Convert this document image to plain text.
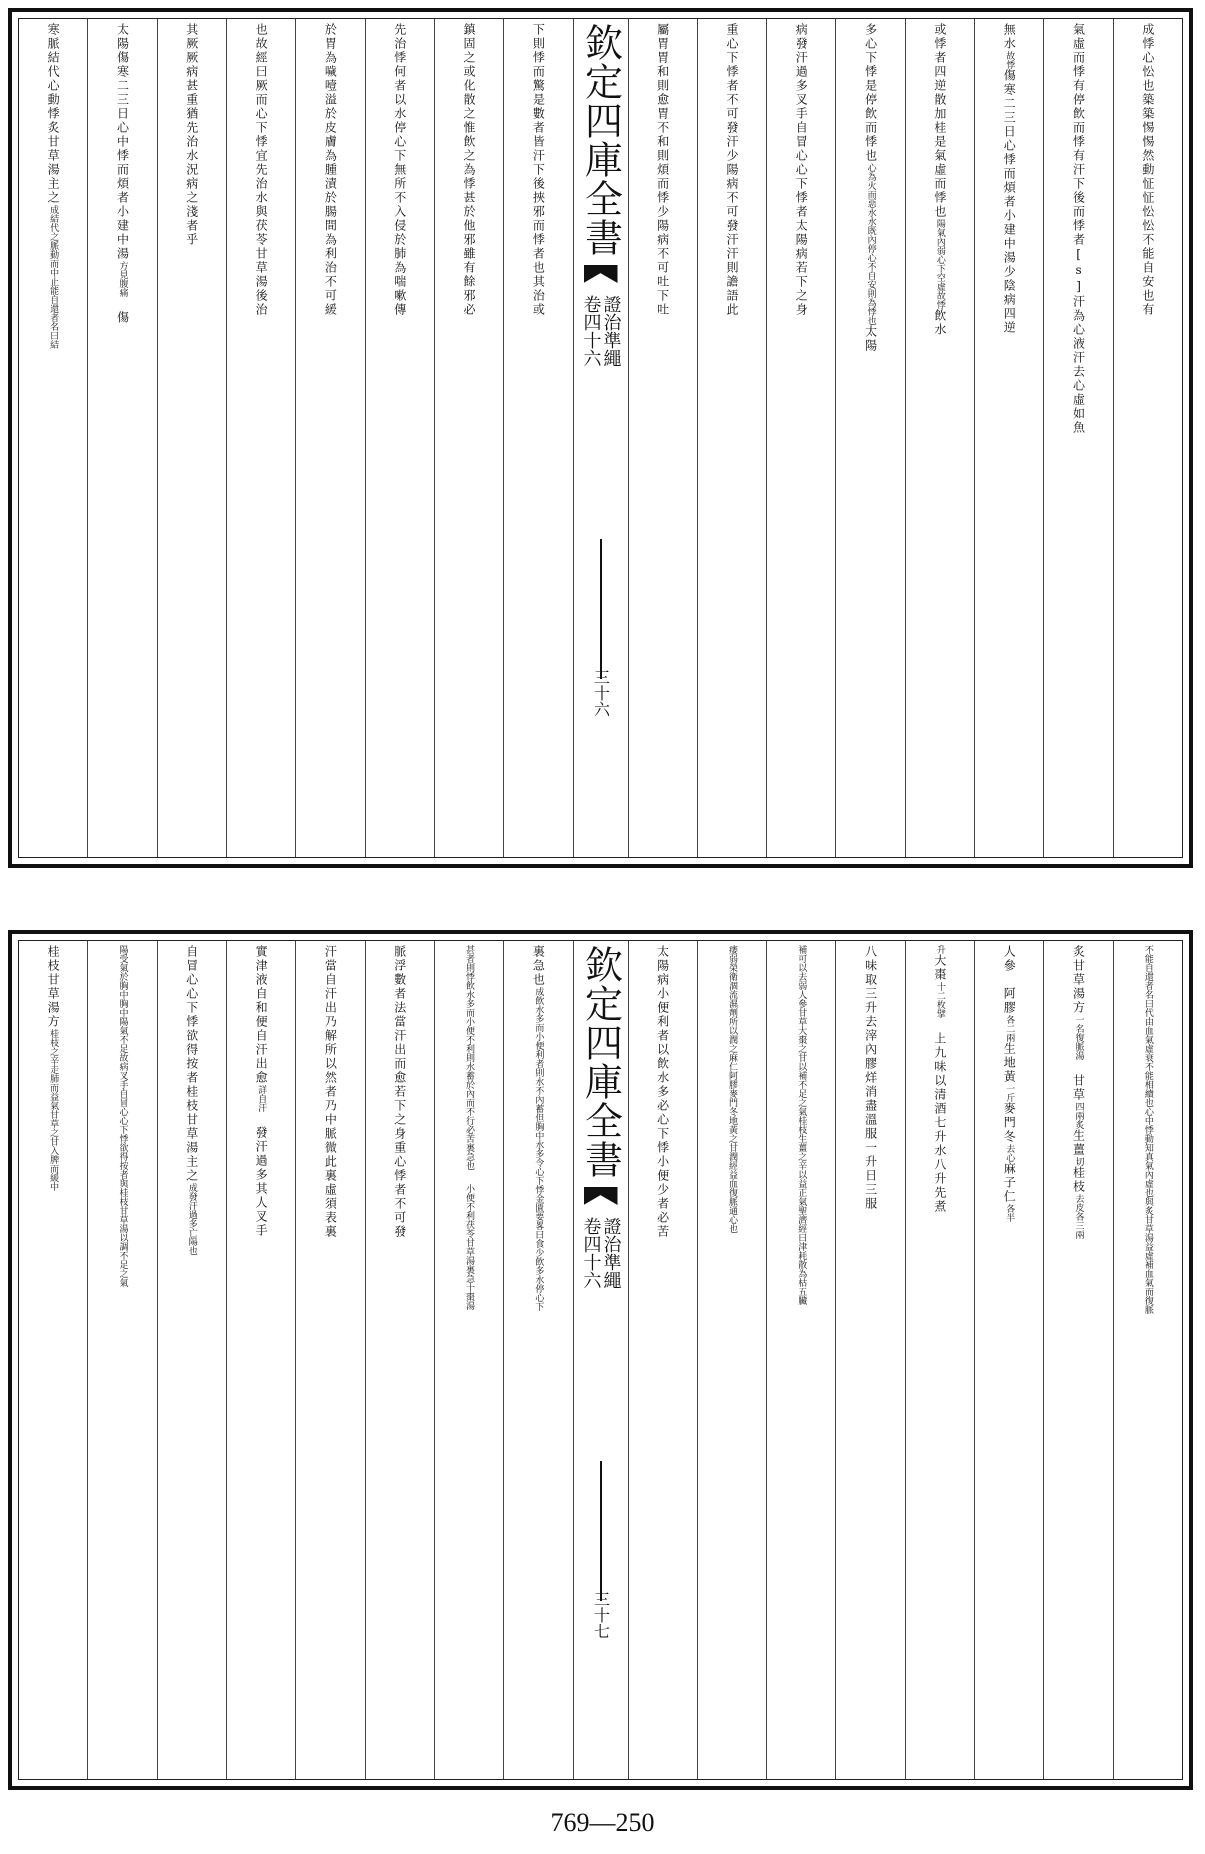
成悸心忪也築築惕惕然動怔怔忪忪不能自安也有
氣虛而悸有停飲而悸有汗下後而悸者[s]汗為心液汗去心虛如魚
無水故悸傷寒二三日心悸而煩者小建中湯少陰病四逆
或悸者四逆散加桂是氣虛而悸也陽氣內弱心下空虛故悸飲水
多心下悸是停飲而悸也心為火而惡水水既內停心不自安則為悸也太陽
病發汗過多叉手自冒心心下悸者太陽病若下之身
重心下悸者不可發汗少陽病不可發汗汗則譫語此
屬胃胃和則愈胃不和則煩而悸少陽病不可吐下吐
欽定四庫全書
證治準繩
卷四十六
三十六
下則悸而驚是數者皆汗下後挾邪而悸者也其治或
鎮固之或化散之惟飲之為悸甚於他邪雖有餘邪必
先治悸何者以水停心下無所不入侵於肺為喘嗽傳
於胃為噦噎溢於皮膚為腫漬於腸間為利治不可緩
也故經曰厥而心下悸宜先治水與茯苓甘草湯後治
其厥厥病甚重猶先治水況病之淺者乎
太陽傷寒二三日心中悸而煩者小建中湯方見腹痛　傷
寒脈結代心動悸炙甘草湯主之成結代之脈動而中止能自還者名曰結
不能自還者名曰代由血氣虛衰不能相續也心中悸動知真氣內虛也與炙甘草湯益虛補血氣而復脈
炙甘草湯方一名復脈湯　甘草四兩炙生薑切桂枝去皮各三兩
人參　阿膠各二兩生地黃一斤麥門冬去心麻子仁各半
升大棗十二枚擘　上九味以清酒七升水八升先煮
八味取三升去滓內膠烊消盡溫服一升日三服
補可以去弱人參甘草大棗之甘以補不足之氣桂枝生薑之辛以益正氣聖濟經曰津耗散為枯五臟
痿弱榮衛涸流濕劑所以潤之麻仁阿膠麥門冬地黃之甘潤經益血復脈通心也
太陽病小便利者以飲水多必心下悸小便少者必苦
欽定四庫全書
證治準繩
卷四十六
三十七
裏急也成飲水多而小便利者則水不內蓄但胸中水多令心下悸金匱要畧曰食少飲多水停心下
甚者則悸飲水多而小便不利則水蓄於內而不行必苦裏急也　小便不利茯苓甘草湯裏急十棗湯
脈浮數者法當汗出而愈若下之身重心悸者不可發
汗當自汗出乃解所以然者乃中脈微此裏虛須表裏
實津液自和便自汗出愈詳自汗　發汗過多其人叉手
自冒心心下悸欲得按者桂枝甘草湯主之成發汗過多亡陽也
陽受氣於胸中胸中陽氣不足故病叉手自冒心心下悸欲得按者與桂枝甘草湯以調不足之氣
桂枝甘草湯方桂枝之辛走肺而益氣甘草之甘入脾而緩中
769—250
